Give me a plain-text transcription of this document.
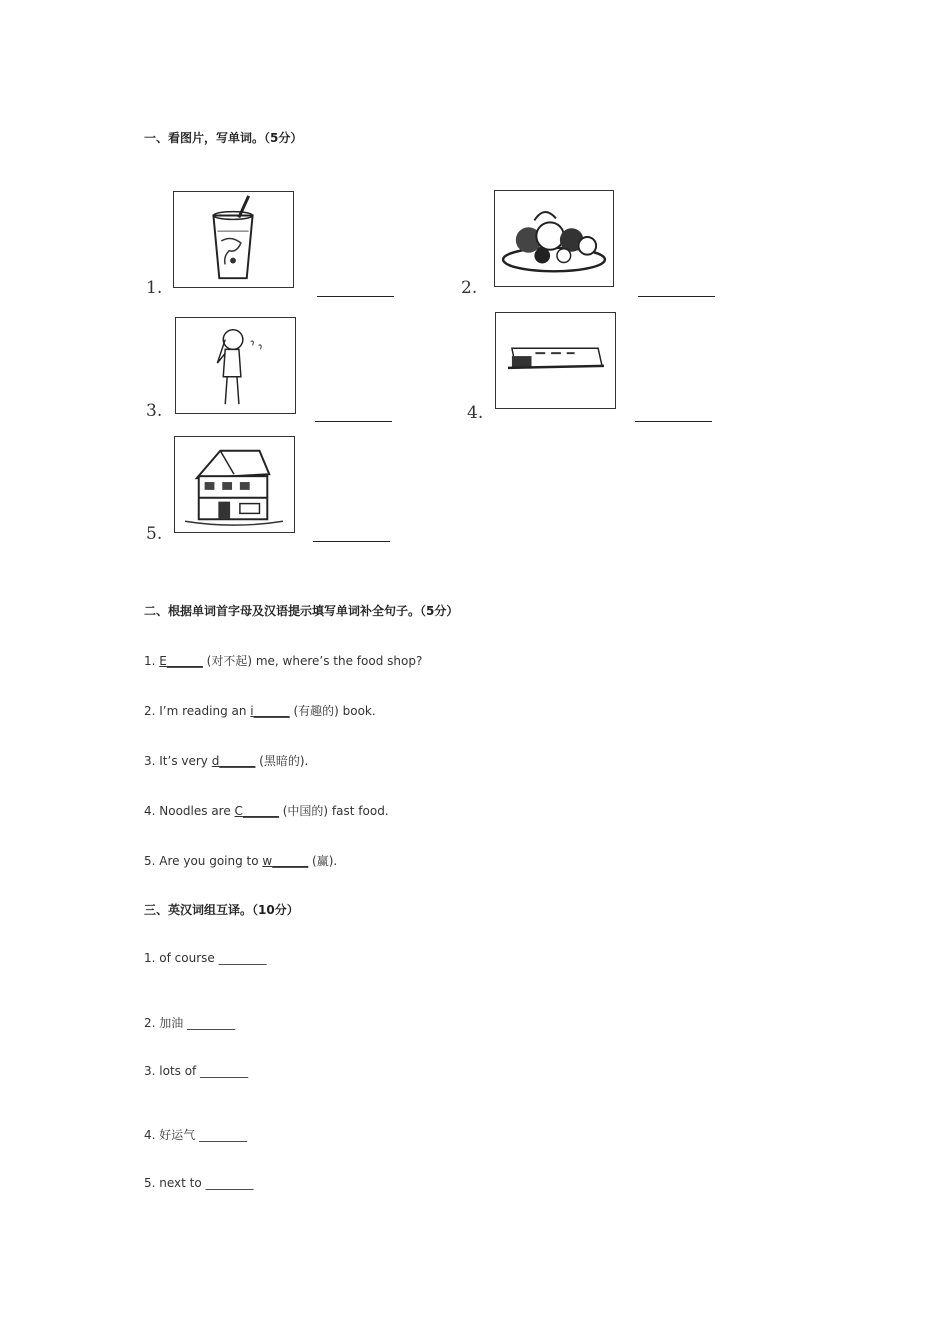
一、看图片，写单词。（5分）
1.	2.
3.	4.
5.
二、根据单词首字母及汉语提示填写单词补全句子。（5分）
1. E______ (对不起) me, where’s the food shop?
2. I’m reading an i______ (有趣的) book.
3. It’s very d______ (黑暗的).
4. Noodles are C______ (中国的) fast food.
5. Are you going to w______ (赢).
三、英汉词组互译。（10分）
1. of course ________
2. 加油 ________
3. lots of ________
4. 好运气 ________
5. next to ________
